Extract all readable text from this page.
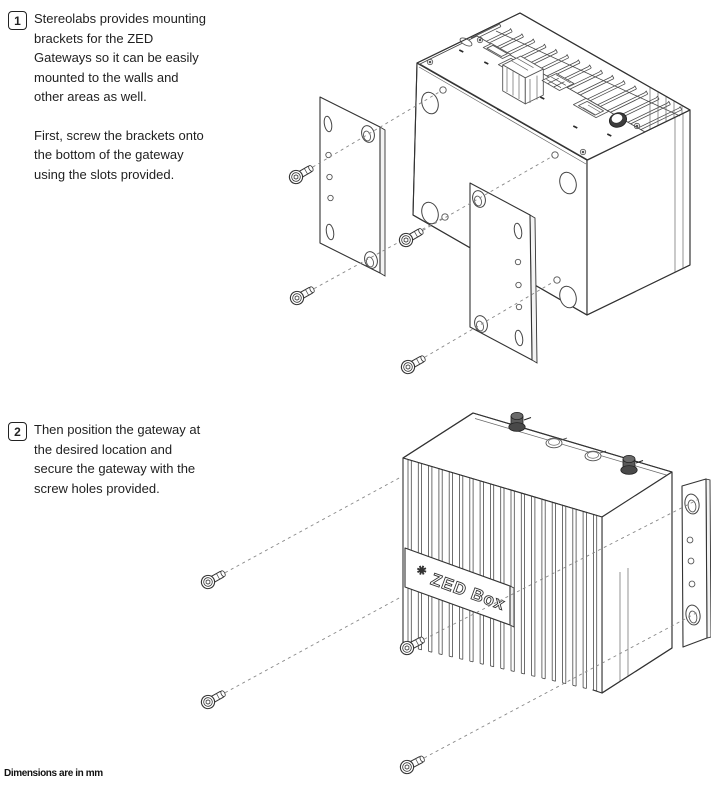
1 Stereolabs provides mounting
brackets for the ZED
Gateways so it can be easily
mounted to the walls and
other areas as well.
First, screw the brackets onto
the bottom of the gateway
using the slots provided.
2 Then position the gateway at
the desired location and
secure the gateway with the
screw holes provided.
✳ ZED Box
Dimensions are in mm
